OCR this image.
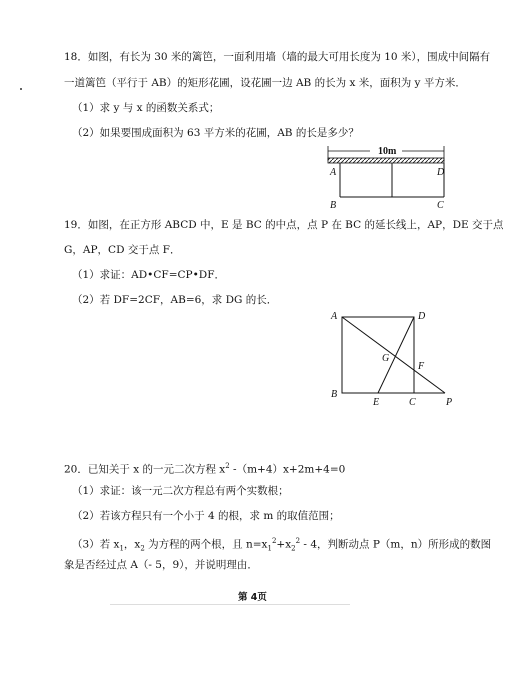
18．如图，有长为 30 米的篱笆，一面利用墙（墙的最大可用长度为 10 米），围成中间隔有
一道篱笆（平行于 AB）的矩形花圃，设花圃一边 AB 的长为 x 米，面积为 y 平方米．
（1）求 y 与 x 的函数关系式；
（2）如果要围成面积为 63 平方米的花圃，AB 的长是多少？
10m
A
B	C
D
19．如图，在正方形 ABCD 中，E 是 BC 的中点，点 P 在 BC 的延长线上，AP，DE 交于点
G，AP，CD 交于点 F．
（1）求证：AD•CF=CP•DF．
（2）若 DF=2CF，AB=6，求 DG 的长．
A	D
B
C
E	P
F
G
20．已知关于 x 的一元二次方程 $x^2$ -（m+4）x+2m+4=0
（1）求证：该一元二次方程总有两个实数根；
（2）若该方程只有一个小于 4 的根，求 m 的取值范围；
（3）若 $x_1$，$x_2$ 为方程的两个根，且 $n=x_1^2+x_2^2 - 4$，判断动点 P（m，n）所形成的数图
象是否经过点 A（- 5，9），并说明理由．
第 4页
